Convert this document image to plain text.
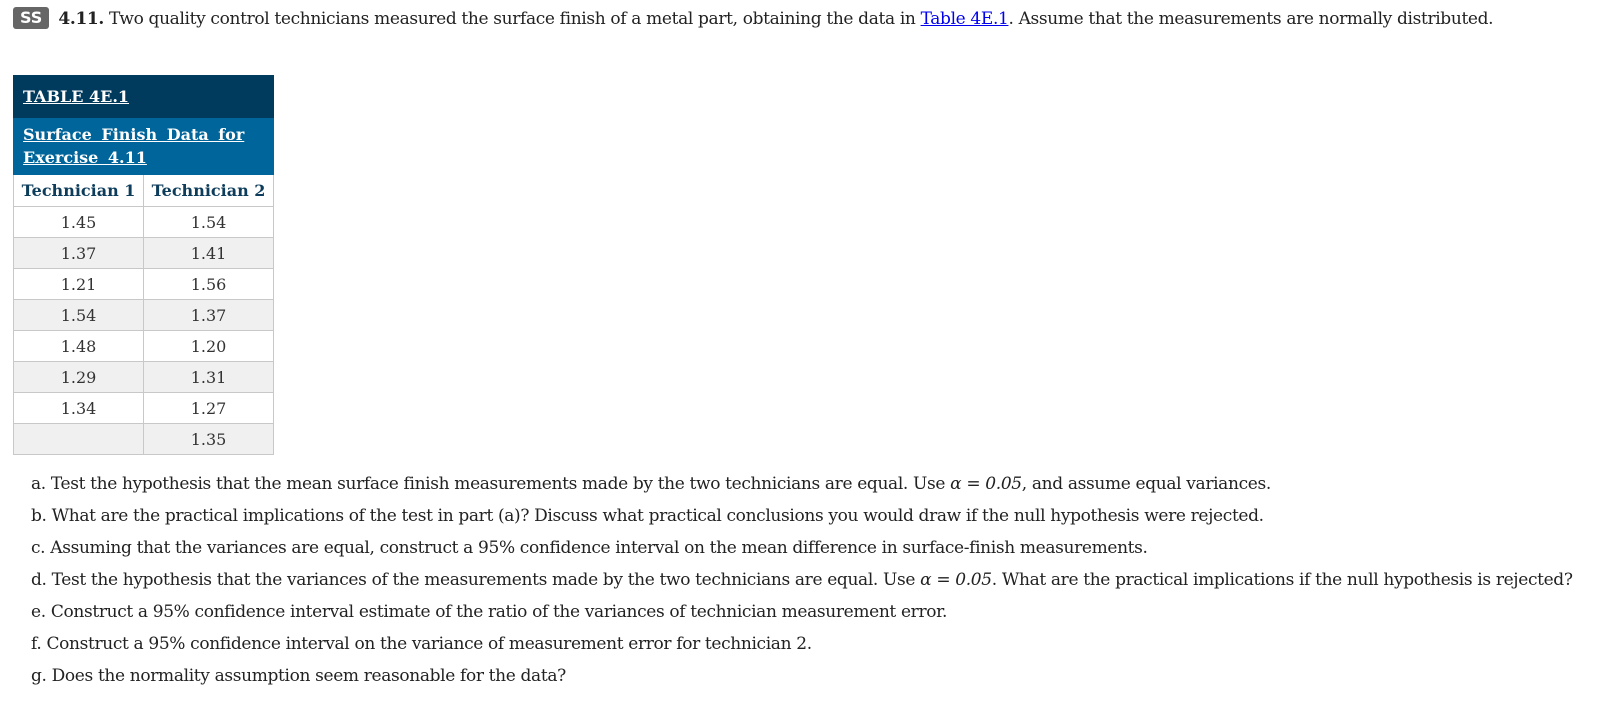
SS 4.11. Two quality control technicians measured the surface finish of a metal part, obtaining the data in Table 4E.1. Assume that the measurements are normally distributed.
TABLE 4E.1	
Surface Finish Data for Exercise 4.11	
Technician 1	Technician 2
1.45	1.54
1.37	1.41
1.21	1.56
1.54	1.37
1.48	1.20
1.29	1.31
1.34	1.27
	1.35
a. Test the hypothesis that the mean surface finish measurements made by the two technicians are equal. Use α = 0.05, and assume equal variances.
b. What are the practical implications of the test in part (a)? Discuss what practical conclusions you would draw if the null hypothesis were rejected.
c. Assuming that the variances are equal, construct a 95% confidence interval on the mean difference in surface-finish measurements.
d. Test the hypothesis that the variances of the measurements made by the two technicians are equal. Use α = 0.05. What are the practical implications if the null hypothesis is rejected?
e. Construct a 95% confidence interval estimate of the ratio of the variances of technician measurement error.
f. Construct a 95% confidence interval on the variance of measurement error for technician 2.
g. Does the normality assumption seem reasonable for the data?
